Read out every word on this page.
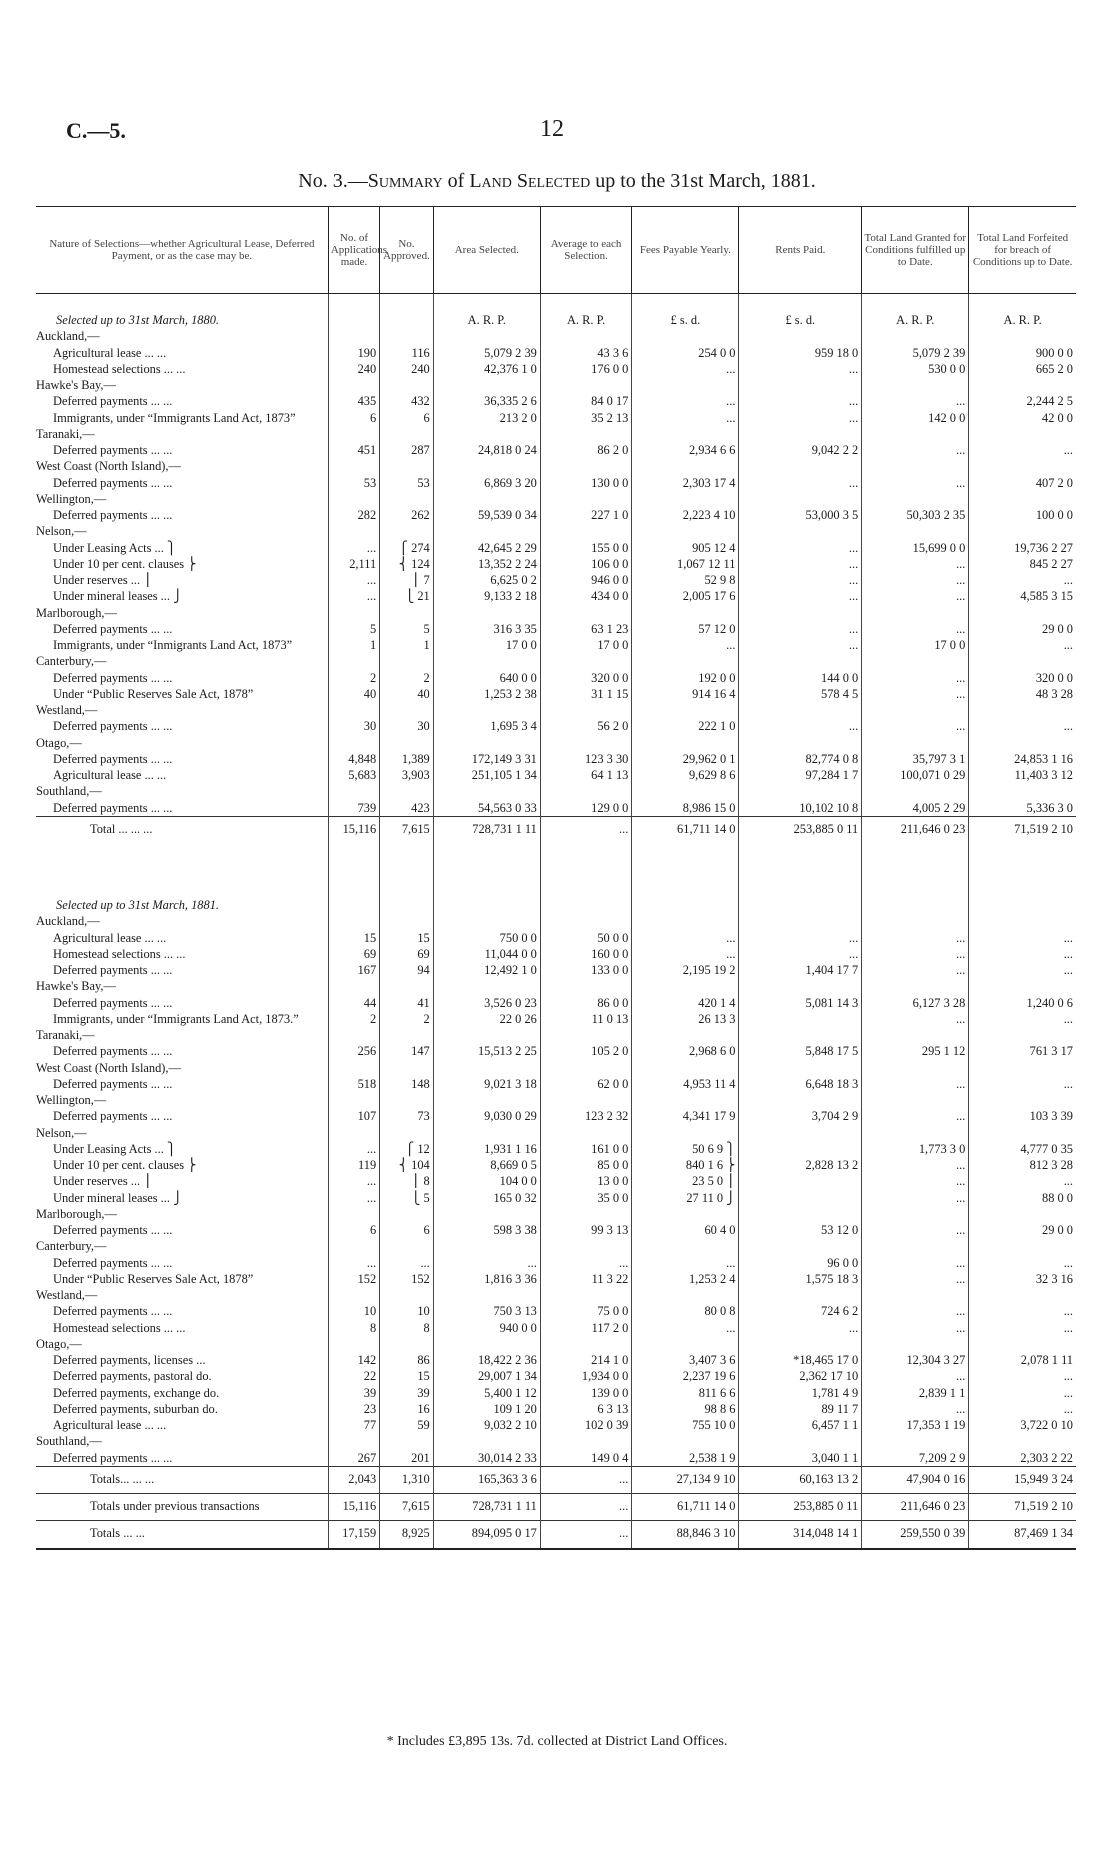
C.—5.	12
No. 3.—Summary of Land Selected up to the 31st March, 1881.
Nature of Selections—whether Agricultural Lease, Deferred Payment, or as the case may be.	No. of Applications made.	No. Approved.	Area Selected.	Average to each Selection.	Fees Payable Yearly.	Rents Paid.	Total Land Granted for Conditions fulfilled up to Date.	Total Land Forfeited for breach of Conditions up to Date.
Selected up to 31st March, 1880.			A. R. P.	A. R. P.	£ s. d.	£ s. d.	A. R. P.	A. R. P.
Auckland,—								
Agricultural lease ... ...	190	116	5,079 2 39	43 3 6	254 0 0	959 18 0	5,079 2 39	900 0 0
Homestead selections ... ...	240	240	42,376 1 0	176 0 0	...	...	530 0 0	665 2 0
Hawke's Bay,—								
Deferred payments ... ...	435	432	36,335 2 6	84 0 17	...	...	...	2,244 2 5
Immigrants, under “Immigrants Land Act, 1873”	6	6	213 2 0	35 2 13	...	...	142 0 0	42 0 0
Taranaki,—								
Deferred payments ... ...	451	287	24,818 0 24	86 2 0	2,934 6 6	9,042 2 2	...	...
West Coast (North Island),—								
Deferred payments ... ...	53	53	6,869 3 20	130 0 0	2,303 17 4	...	...	407 2 0
Wellington,—								
Deferred payments ... ...	282	262	59,539 0 34	227 1 0	2,223 4 10	53,000 3 5	50,303 2 35	100 0 0
Nelson,—								
Under Leasing Acts ... ⎫	...	⎧ 274	42,645 2 29	155 0 0	905 12 4	...	15,699 0 0	19,736 2 27
Under 10 per cent. clauses ⎬	2,111	⎨ 124	13,352 2 24	106 0 0	1,067 12 11	...	...	845 2 27
Under reserves ... ⎪	...	⎪ 7	6,625 0 2	946 0 0	52 9 8	...	...	...
Under mineral leases ... ⎭	...	⎩ 21	9,133 2 18	434 0 0	2,005 17 6	...	...	4,585 3 15
Marlborough,—								
Deferred payments ... ...	5	5	316 3 35	63 1 23	57 12 0	...	...	29 0 0
Immigrants, under “Inmigrants Land Act, 1873”	1	1	17 0 0	17 0 0	...	...	17 0 0	...
Canterbury,—								
Deferred payments ... ...	2	2	640 0 0	320 0 0	192 0 0	144 0 0	...	320 0 0
Under “Public Reserves Sale Act, 1878”	40	40	1,253 2 38	31 1 15	914 16 4	578 4 5	...	48 3 28
Westland,—								
Deferred payments ... ...	30	30	1,695 3 4	56 2 0	222 1 0	...	...	...
Otago,—								
Deferred payments ... ...	4,848	1,389	172,149 3 31	123 3 30	29,962 0 1	82,774 0 8	35,797 3 1	24,853 1 16
Agricultural lease ... ...	5,683	3,903	251,105 1 34	64 1 13	9,629 8 6	97,284 1 7	100,071 0 29	11,403 3 12
Southland,—								
Deferred payments ... ...	739	423	54,563 0 33	129 0 0	8,986 15 0	10,102 10 8	4,005 2 29	5,336 3 0
Total ... ... ...	15,116	7,615	728,731 1 11	...	61,711 14 0	253,885 0 11	211,646 0 23	71,519 2 10

Selected up to 31st March, 1881.								
Auckland,—								
Agricultural lease ... ...	15	15	750 0 0	50 0 0	...	...	...	...
Homestead selections ... ...	69	69	11,044 0 0	160 0 0	...	...	...	...
Deferred payments ... ...	167	94	12,492 1 0	133 0 0	2,195 19 2	1,404 17 7	...	...
Hawke's Bay,—								
Deferred payments ... ...	44	41	3,526 0 23	86 0 0	420 1 4	5,081 14 3	6,127 3 28	1,240 0 6
Immigrants, under “Immigrants Land Act, 1873.”	2	2	22 0 26	11 0 13	26 13 3		...	...
Taranaki,—								
Deferred payments ... ...	256	147	15,513 2 25	105 2 0	2,968 6 0	5,848 17 5	295 1 12	761 3 17
West Coast (North Island),—								
Deferred payments ... ...	518	148	9,021 3 18	62 0 0	4,953 11 4	6,648 18 3	...	...
Wellington,—								
Deferred payments ... ...	107	73	9,030 0 29	123 2 32	4,341 17 9	3,704 2 9	...	103 3 39
Nelson,—								
Under Leasing Acts ... ⎫	...	⎧ 12	1,931 1 16	161 0 0	50 6 9 ⎫		1,773 3 0	4,777 0 35
Under 10 per cent. clauses ⎬	119	⎨ 104	8,669 0 5	85 0 0	840 1 6 ⎬	2,828 13 2	...	812 3 28
Under reserves ... ⎪	...	⎪ 8	104 0 0	13 0 0	23 5 0 ⎪		...	...
Under mineral leases ... ⎭	...	⎩ 5	165 0 32	35 0 0	27 11 0 ⎭		...	88 0 0
Marlborough,—								
Deferred payments ... ...	6	6	598 3 38	99 3 13	60 4 0	53 12 0	...	29 0 0
Canterbury,—								
Deferred payments ... ...	...	...	...	...	...	96 0 0	...	...
Under “Public Reserves Sale Act, 1878”	152	152	1,816 3 36	11 3 22	1,253 2 4	1,575 18 3	...	32 3 16
Westland,—								
Deferred payments ... ...	10	10	750 3 13	75 0 0	80 0 8	724 6 2	...	...
Homestead selections ... ...	8	8	940 0 0	117 2 0	...	...	...	...
Otago,—								
Deferred payments, licenses ...	142	86	18,422 2 36	214 1 0	3,407 3 6	*18,465 17 0	12,304 3 27	2,078 1 11
Deferred payments, pastoral do.	22	15	29,007 1 34	1,934 0 0	2,237 19 6	2,362 17 10	...	...
Deferred payments, exchange do.	39	39	5,400 1 12	139 0 0	811 6 6	1,781 4 9	2,839 1 1	...
Deferred payments, suburban do.	23	16	109 1 20	6 3 13	98 8 6	89 11 7	...	...
Agricultural lease ... ...	77	59	9,032 2 10	102 0 39	755 10 0	6,457 1 1	17,353 1 19	3,722 0 10
Southland,—								
Deferred payments ... ...	267	201	30,014 2 33	149 0 4	2,538 1 9	3,040 1 1	7,209 2 9	2,303 2 22
Totals... ... ...	2,043	1,310	165,363 3 6	...	27,134 9 10	60,163 13 2	47,904 0 16	15,949 3 24
Totals under previous transactions	15,116	7,615	728,731 1 11	...	61,711 14 0	253,885 0 11	211,646 0 23	71,519 2 10
Totals ... ...	17,159	8,925	894,095 0 17	...	88,846 3 10	314,048 14 1	259,550 0 39	87,469 1 34
* Includes £3,895 13s. 7d. collected at District Land Offices.
